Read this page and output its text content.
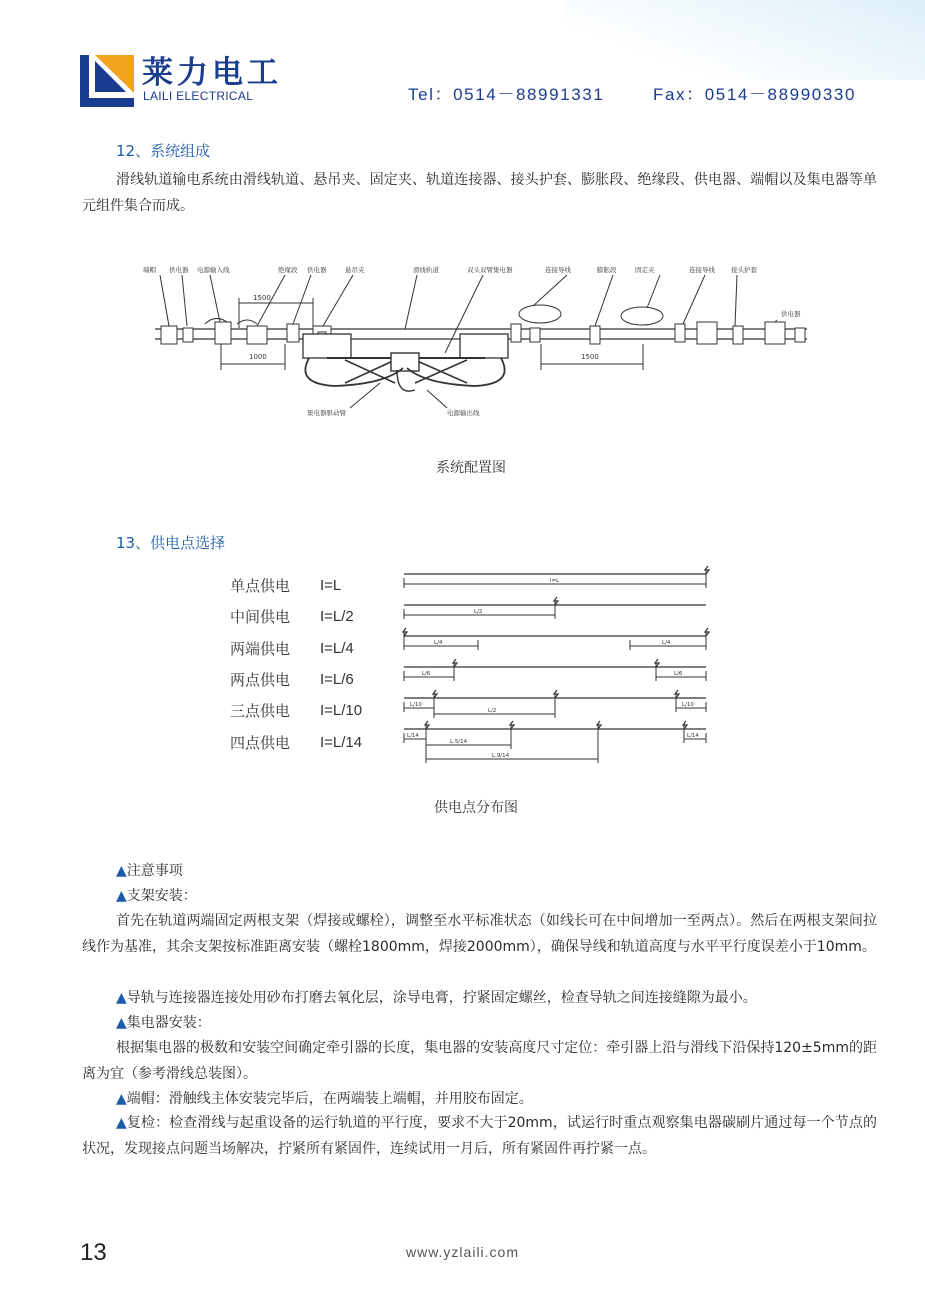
莱力电工
LAILI ELECTRICAL	Tel：0514－88991331	Fax：0514－88990330
12、系统组成

滑线轨道输电系统由滑线轨道、悬吊夹、固定夹、轨道连接器、接头护套、膨胀段、绝缘段、供电器、端帽以及集电器等单元组件集合而成。

端帽 供电器 电源输入线	绝缘段 供电器	悬吊夹	滑线轨道	双头双臂集电器	连接导线	膨胀段	固定夹	连接导线 接头护套
供电器
集电器驱动臂	电源输出线
1500
1000	1500
系统配置图
13、供电点选择
单点供电 I=L
中间供电 I=L/2
两端供电 I=L/4
两点供电 I=L/6
三点供电 I=L/10
四点供电 I=L/14
l=L
L/2
L/4	L/4
L/6	L/6
L/10
L/2
L/10
L/14
L.5/14
L.9/14
L/14
供电点分布图
▲注意事项
▲支架安装：

首先在轨道两端固定两根支架（焊接或螺栓），调整至水平标准状态（如线长可在中间增加一至两点）。然后在两根支架间拉线作为基准，其余支架按标准距离安装（螺栓1800mm，焊接2000mm），确保导线和轨道高度与水平平行度误差小于10mm。

▲导轨与连接器连接处用砂布打磨去氧化层，涂导电膏，拧紧固定螺丝，检查导轨之间连接缝隙为最小。
▲集电器安装：

根据集电器的极数和安装空间确定牵引器的长度，集电器的安装高度尺寸定位：牵引器上沿与滑线下沿保持120±5mm的距离为宜（参考滑线总装图）。

▲端帽：滑触线主体安装完毕后，在两端装上端帽，并用胶布固定。

▲复检：检查滑线与起重设备的运行轨道的平行度，要求不大于20mm，试运行时重点观察集电器碳刷片通过每一个节点的状况，发现接点问题当场解决，拧紧所有紧固件，连续试用一月后，所有紧固件再拧紧一点。

13	www.yzlaili.com
